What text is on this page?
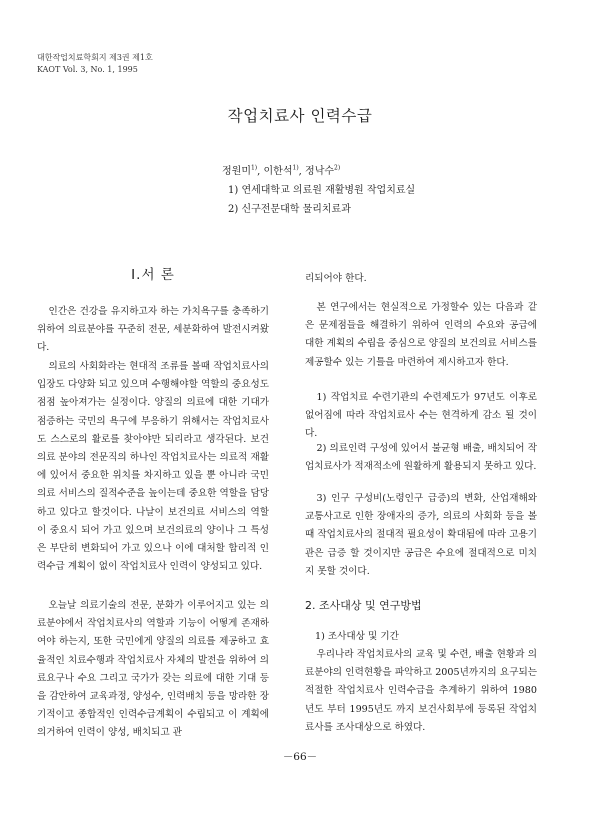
대한작업치료학회지 제3권 제1호
KAOT Vol. 3, No. 1, 1995
작업치료사 인력수급
정원미$^{1)}$, 이한석$^{1)}$, 정낙수$^{2)}$
1) 연세대학교 의료원 재활병원 작업치료실
2) 신구전문대학 물리치료과
Ⅰ.서 론

인간은 건강을 유지하고자 하는 가치욕구를 충족하기 위하여 의료분야를 꾸준히 전문, 세분화하여 발전시켜왔다.

의료의 사회화라는 현대적 조류를 볼때 작업치료사의 입장도 다양화 되고 있으며 수행해야할 역할의 중요성도 점점 높아져가는 실정이다. 양질의 의료에 대한 기대가 점증하는 국민의 욕구에 부응하기 위해서는 작업치료사도 스스로의 활로를 찾아야만 되리라고 생각된다. 보건의료 분야의 전문직의 하나인 작업치료사는 의료적 재활에 있어서 중요한 위치를 차지하고 있을 뿐 아니라 국민의료 서비스의 질적수준을 높이는데 중요한 역할을 담당하고 있다고 할것이다. 나날이 보건의료 서비스의 역할이 중요시 되어 가고 있으며 보건의료의 양이나 그 특성은 부단히 변화되어 가고 있으나 이에 대처할 합리적 인력수급 계획이 없이 작업치료사 인력이 양성되고 있다.

오늘날 의료기술의 전문, 분화가 이루어지고 있는 의료분야에서 작업치료사의 역할과 기능이 어떻게 존재하여야 하는지, 또한 국민에게 양질의 의료를 제공하고 효율적인 치료수행과 작업치료사 자체의 발전을 위하여 의료요구나 수요 그리고 국가가 갖는 의료에 대한 기대 등을 감안하여 교육과정, 양성수, 인력배치 등을 망라한 장기적이고 종합적인 인력수급계획이 수립되고 이 계획에 의거하여 인력이 양성, 배치되고 관

리되어야 한다.

본 연구에서는 현실적으로 가정할수 있는 다음과 같은 문제점들을 해결하기 위하여 인력의 수요와 공급에 대한 계획의 수립을 중심으로 양질의 보건의료 서비스를 제공할수 있는 기틀을 마련하여 제시하고자 한다.

1) 작업치료 수련기관의 수련제도가 97년도 이후로 없어짐에 따라 작업치료사 수는 현격하게 감소 될 것이다.

2) 의료인력 구성에 있어서 불균형 배출, 배치되어 작업치료사가 적재적소에 원활하게 활용되지 못하고 있다.

3) 인구 구성비(노령인구 급증)의 변화, 산업재해와 교통사고로 인한 장애자의 증가, 의료의 사회화 등을 볼때 작업치료사의 절대적 필요성이 확대됨에 따라 고용기관은 급증 할 것이지만 공급은 수요에 절대적으로 미치지 못할 것이다.

2. 조사대상 및 연구방법
1) 조사대상 및 기간

우리나라 작업치료사의 교육 및 수련, 배출 현황과 의료분야의 인력현황을 파악하고 2005년까지의 요구되는 적절한 작업치료사 인력수급을 추계하기 위하여 1980년도 부터 1995년도 까지 보건사회부에 등록된 작업치료사를 조사대상으로 하였다.

－66－
